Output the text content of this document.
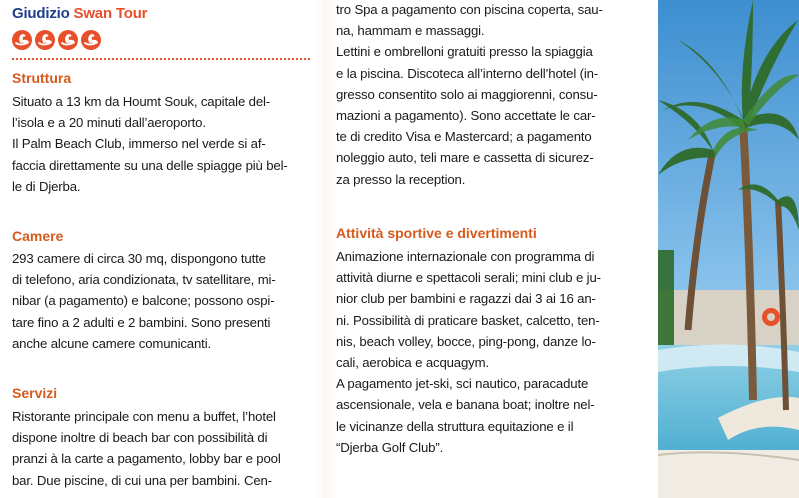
Giudizio Swan Tour
Struttura
Situato a 13 km da Houmt Souk, capitale del-
l’isola e a 20 minuti dall’aeroporto.
Il Palm Beach Club, immerso nel verde si af-
faccia direttamente su una delle spiagge più bel-
le di Djerba.
Camere
293 camere di circa 30 mq, dispongono tutte
di telefono, aria condizionata, tv satellitare, mi-
nibar (a pagamento) e balcone; possono ospi-
tare fino a 2 adulti e 2 bambini. Sono presenti
anche alcune camere comunicanti.
Servizi
Ristorante principale con menu a buffet, l’hotel
dispone inoltre di beach bar con possibilità di
pranzi à la carte a pagamento, lobby bar e pool
bar. Due piscine, di cui una per bambini. Cen-
tro Spa a pagamento con piscina coperta, sau-
na, hammam e massaggi.
Lettini e ombrelloni gratuiti presso la spiaggia
e la piscina. Discoteca all’interno dell’hotel (in-
gresso consentito solo ai maggiorenni, consu-
mazioni a pagamento). Sono accettate le car-
te di credito Visa e Mastercard; a pagamento
noleggio auto, teli mare e cassetta di sicurez-
za presso la reception.
Attività sportive e divertimenti
Animazione internazionale con programma di
attività diurne e spettacoli serali; mini club e ju-
nior club per bambini e ragazzi dai 3 ai 16 an-
ni. Possibilità di praticare basket, calcetto, ten-
nis, beach volley, bocce, ping-pong, danze lo-
cali, aerobica e acquagym.
A pagamento jet-ski, sci nautico, paracadute
ascensionale, vela e banana boat; inoltre nel-
le vicinanze della struttura equitazione e il
“Djerba Golf Club”.
